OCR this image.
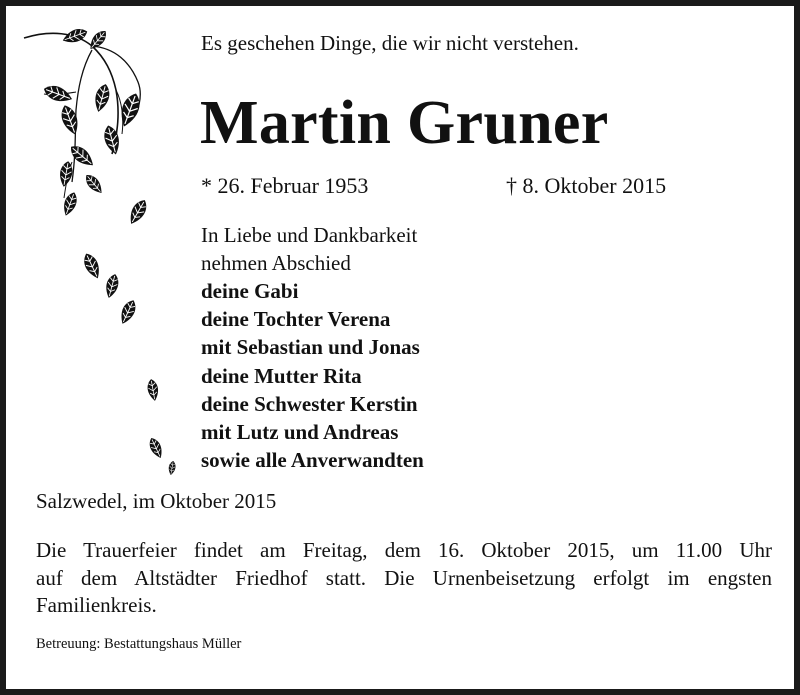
Es geschehen Dinge, die wir nicht verstehen.
Martin Gruner
* 26. Februar 1953	† 8. Oktober 2015
In Liebe und Dankbarkeit
nehmen Abschied
deine Gabi
deine Tochter Verena
mit Sebastian und Jonas
deine Mutter Rita
deine Schwester Kerstin
mit Lutz und Andreas
sowie alle Anverwandten
Salzwedel, im Oktober 2015
Die Trauerfeier findet am Freitag, dem 16. Oktober 2015, um 11.00 Uhr
auf dem Altstädter Friedhof statt. Die Urnenbeisetzung erfolgt im engsten
Familienkreis.
Betreuung: Bestattungshaus Müller
